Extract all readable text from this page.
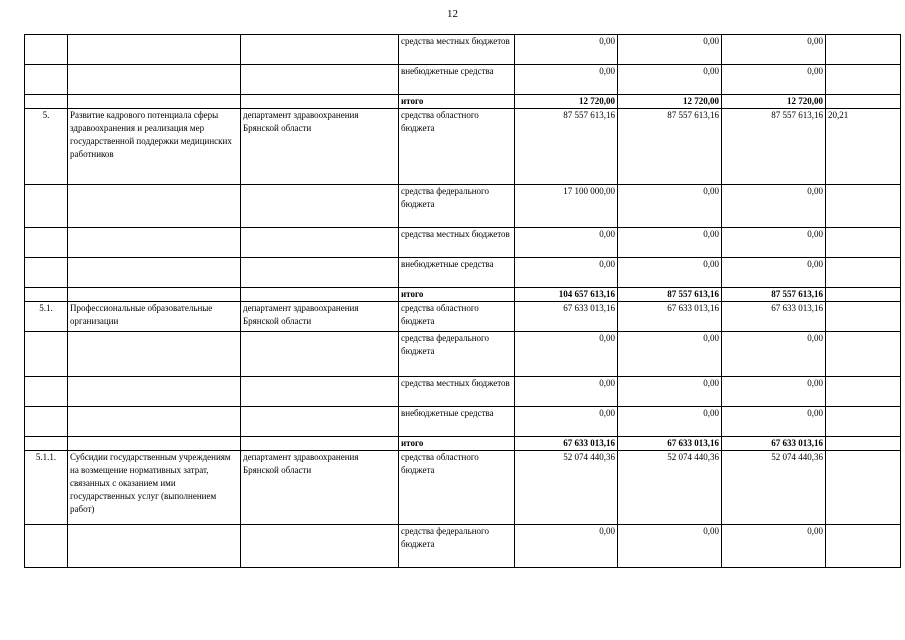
12
			средства местных бюджетов	0,00	0,00	0,00	
			внебюджетные средства	0,00	0,00	0,00	
			итого	12 720,00	12 720,00	12 720,00	
5.	Развитие кадрового потенциала сферы здравоохранения и реализация мер государственной поддержки медицинских работников	департамент здравоохранения Брянской области	средства областного бюджета	87 557 613,16	87 557 613,16	87 557 613,16	20,21
			средства федерального бюджета	17 100 000,00	0,00	0,00	
			средства местных бюджетов	0,00	0,00	0,00	
			внебюджетные средства	0,00	0,00	0,00	
			итого	104 657 613,16	87 557 613,16	87 557 613,16	
5.1.	Профессиональные образовательные организации	департамент здравоохранения Брянской области	средства областного бюджета	67 633 013,16	67 633 013,16	67 633 013,16	
			средства федерального бюджета	0,00	0,00	0,00	
			средства местных бюджетов	0,00	0,00	0,00	
			внебюджетные средства	0,00	0,00	0,00	
			итого	67 633 013,16	67 633 013,16	67 633 013,16	
5.1.1.	Субсидии государственным учреждениям на возмещение нормативных затрат, связанных с оказанием ими государственных услуг (выполнением работ)	департамент здравоохранения Брянской области	средства областного бюджета	52 074 440,36	52 074 440,36	52 074 440,36	
			средства федерального бюджета	0,00	0,00	0,00	
